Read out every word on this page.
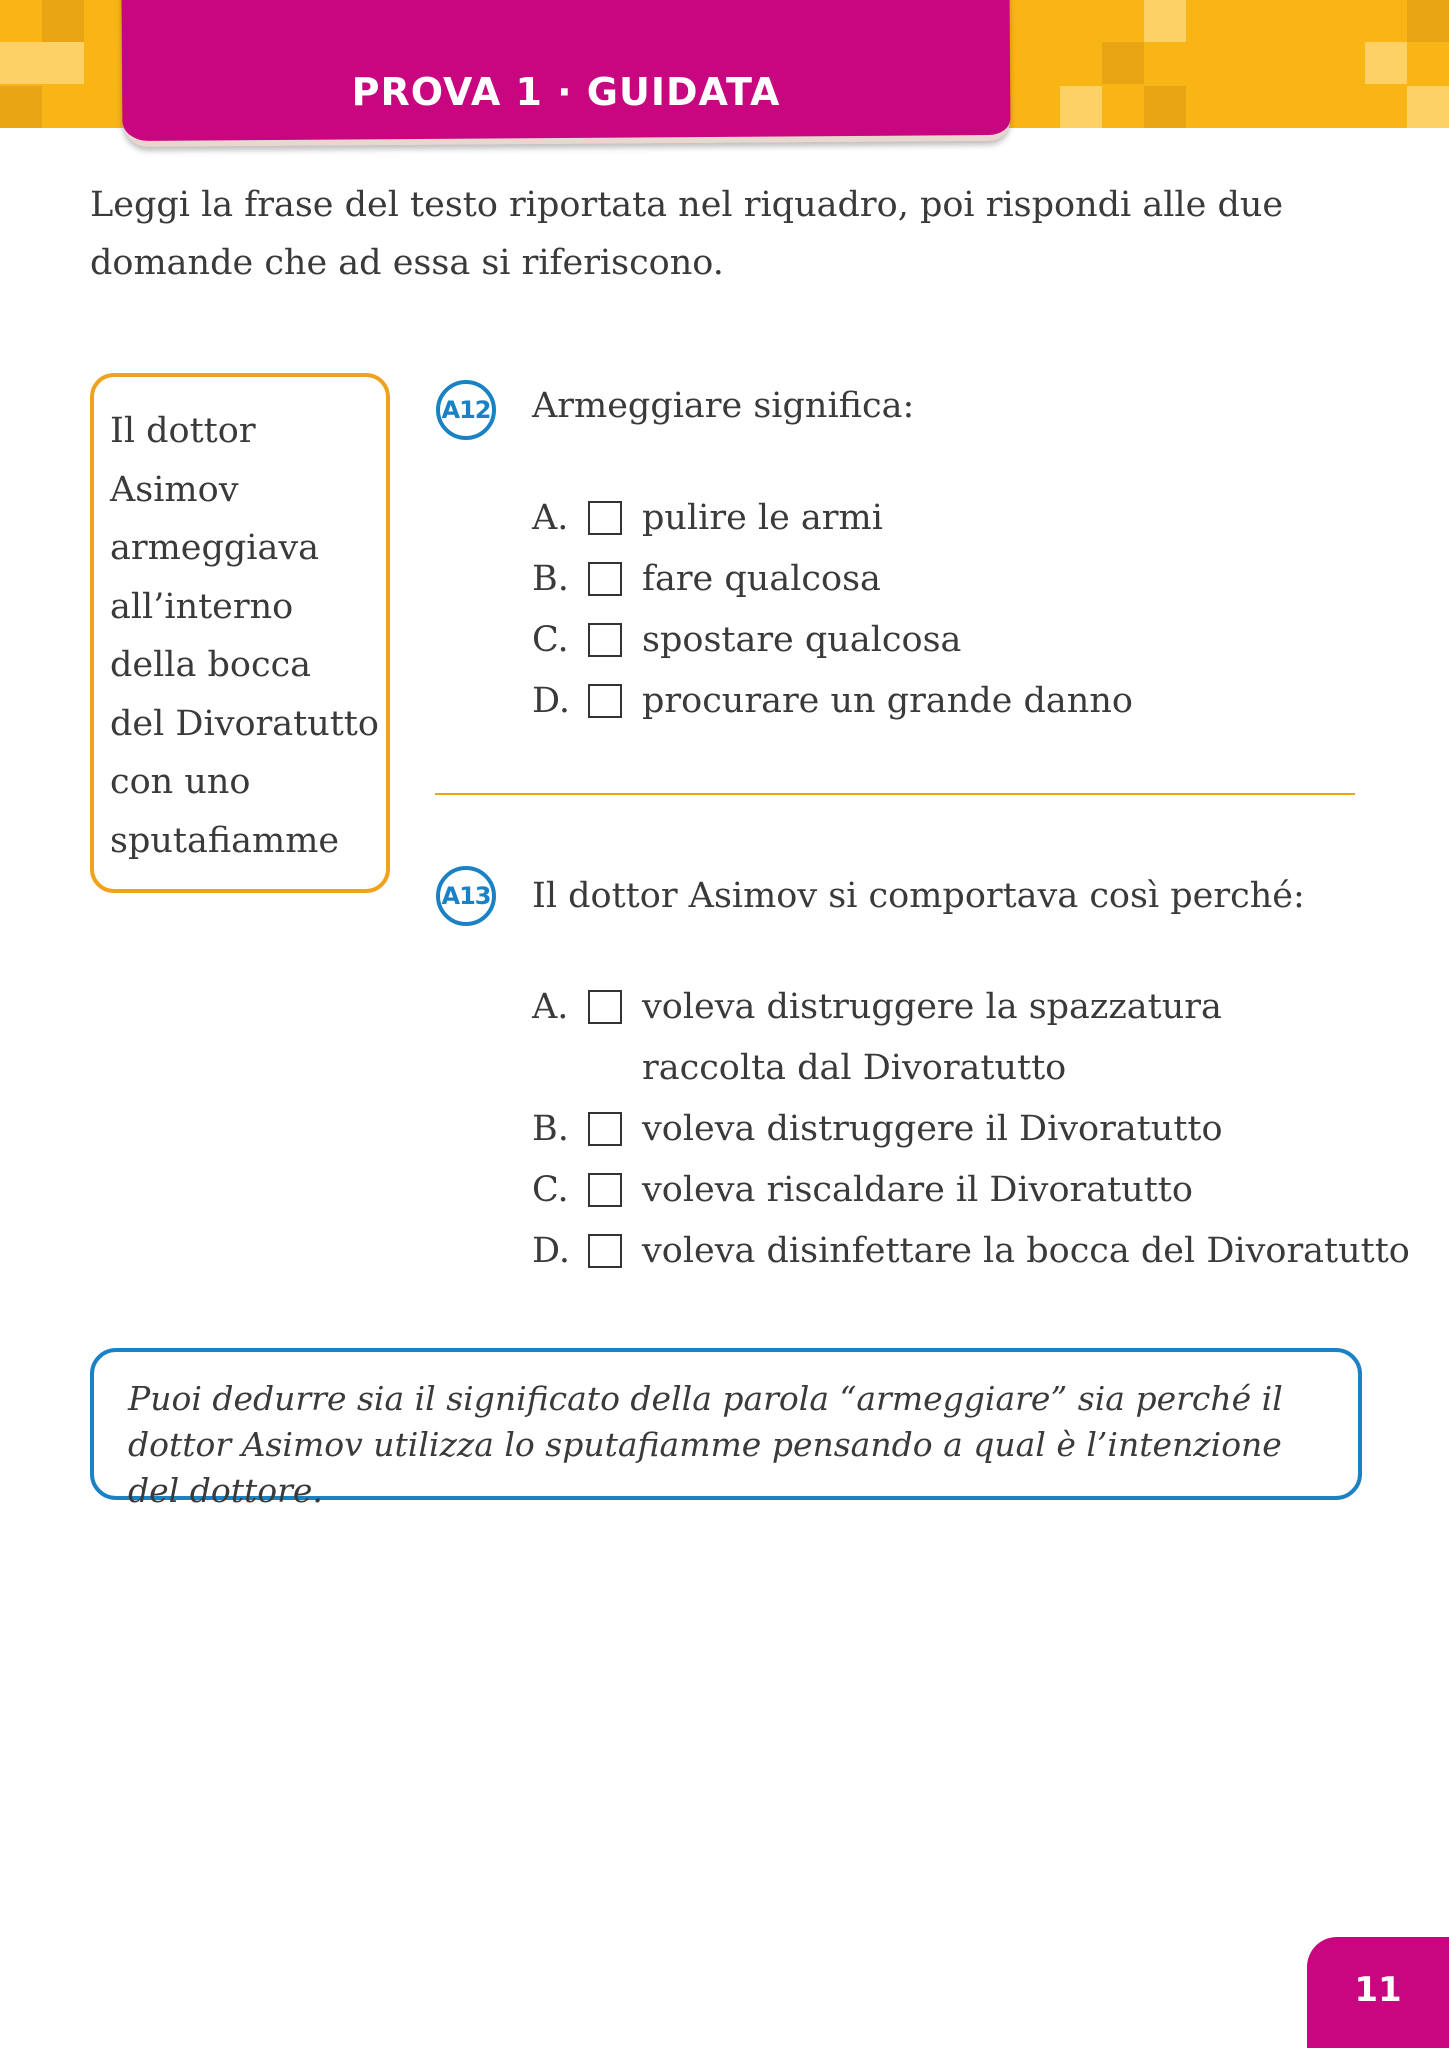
PROVA 1 · GUIDATA
Leggi la frase del testo riportata nel riquadro, poi rispondi alle due domande che ad essa si riferiscono.
Il dottor
Asimov
armeggiava
all’interno
della bocca
del Divoratutto
con uno
sputafiamme
A12 Armeggiare significa:
A.	pulire le armi
B.	fare qualcosa
C.	spostare qualcosa
D.	procurare un grande danno
A13 Il dottor Asimov si comportava così perché:
A.	voleva distruggere la spazzatura raccolta dal Divoratutto
B.	voleva distruggere il Divoratutto
C.	voleva riscaldare il Divoratutto
D.	voleva disinfettare la bocca del Divoratutto
Puoi dedurre sia il significato della parola “armeggiare” sia perché il dottor Asimov utilizza lo sputafiamme pensando a qual è l’intenzione del dottore.
11
